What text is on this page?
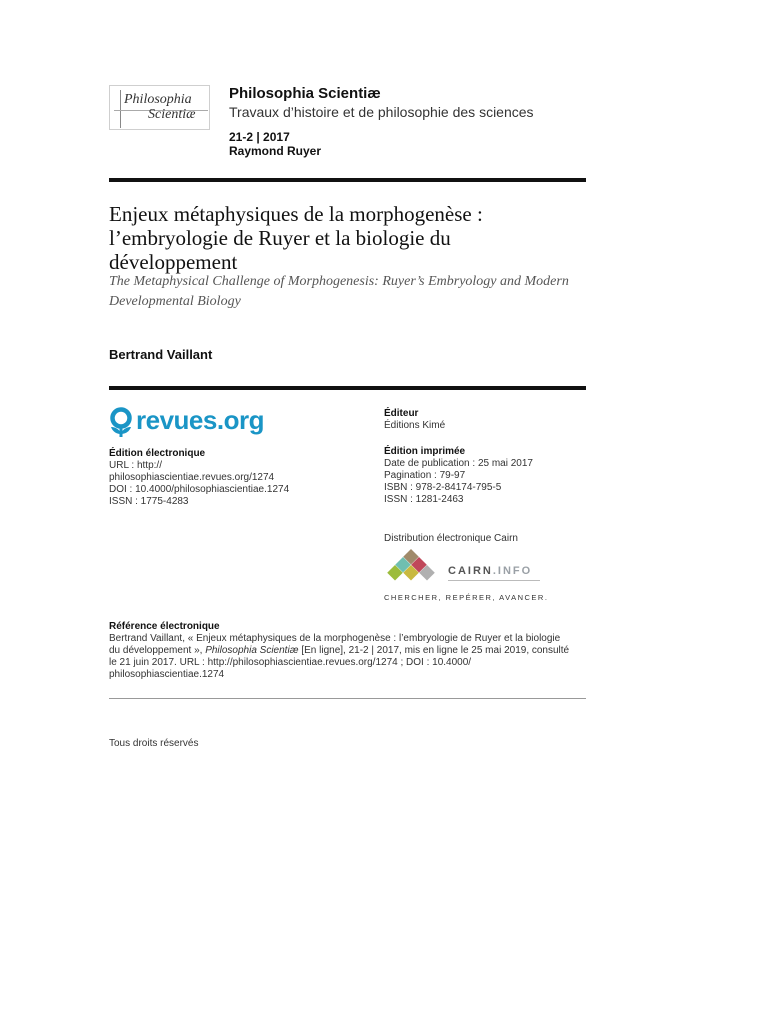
Philosophia
Scientiæ
Philosophia Scientiæ
Travaux d’histoire et de philosophie des sciences
21-2 | 2017
Raymond Ruyer
Enjeux métaphysiques de la morphogenèse :
l’embryologie de Ruyer et la biologie du
développement
The Metaphysical Challenge of Morphogenesis: Ruyer’s Embryology and Modern
Developmental Biology
Bertrand Vaillant
revues.org
Édition électronique
URL : http://
philosophiascientiae.revues.org/1274
DOI : 10.4000/philosophiascientiae.1274
ISSN : 1775-4283
Éditeur
Éditions Kimé
Édition imprimée
Date de publication : 25 mai 2017
Pagination : 79-97
ISBN : 978-2-84174-795-5
ISSN : 1281-2463
Distribution électronique Cairn
CAIRN.INFO
CHERCHER, REPÉRER, AVANCER.
Référence électronique
Bertrand Vaillant, « Enjeux métaphysiques de la morphogenèse : l’embryologie de Ruyer et la biologie
du développement », Philosophia Scientiæ [En ligne], 21-2 | 2017, mis en ligne le 25 mai 2019, consulté
le 21 juin 2017. URL : http://philosophiascientiae.revues.org/1274 ; DOI : 10.4000/
philosophiascientiae.1274
Tous droits réservés
